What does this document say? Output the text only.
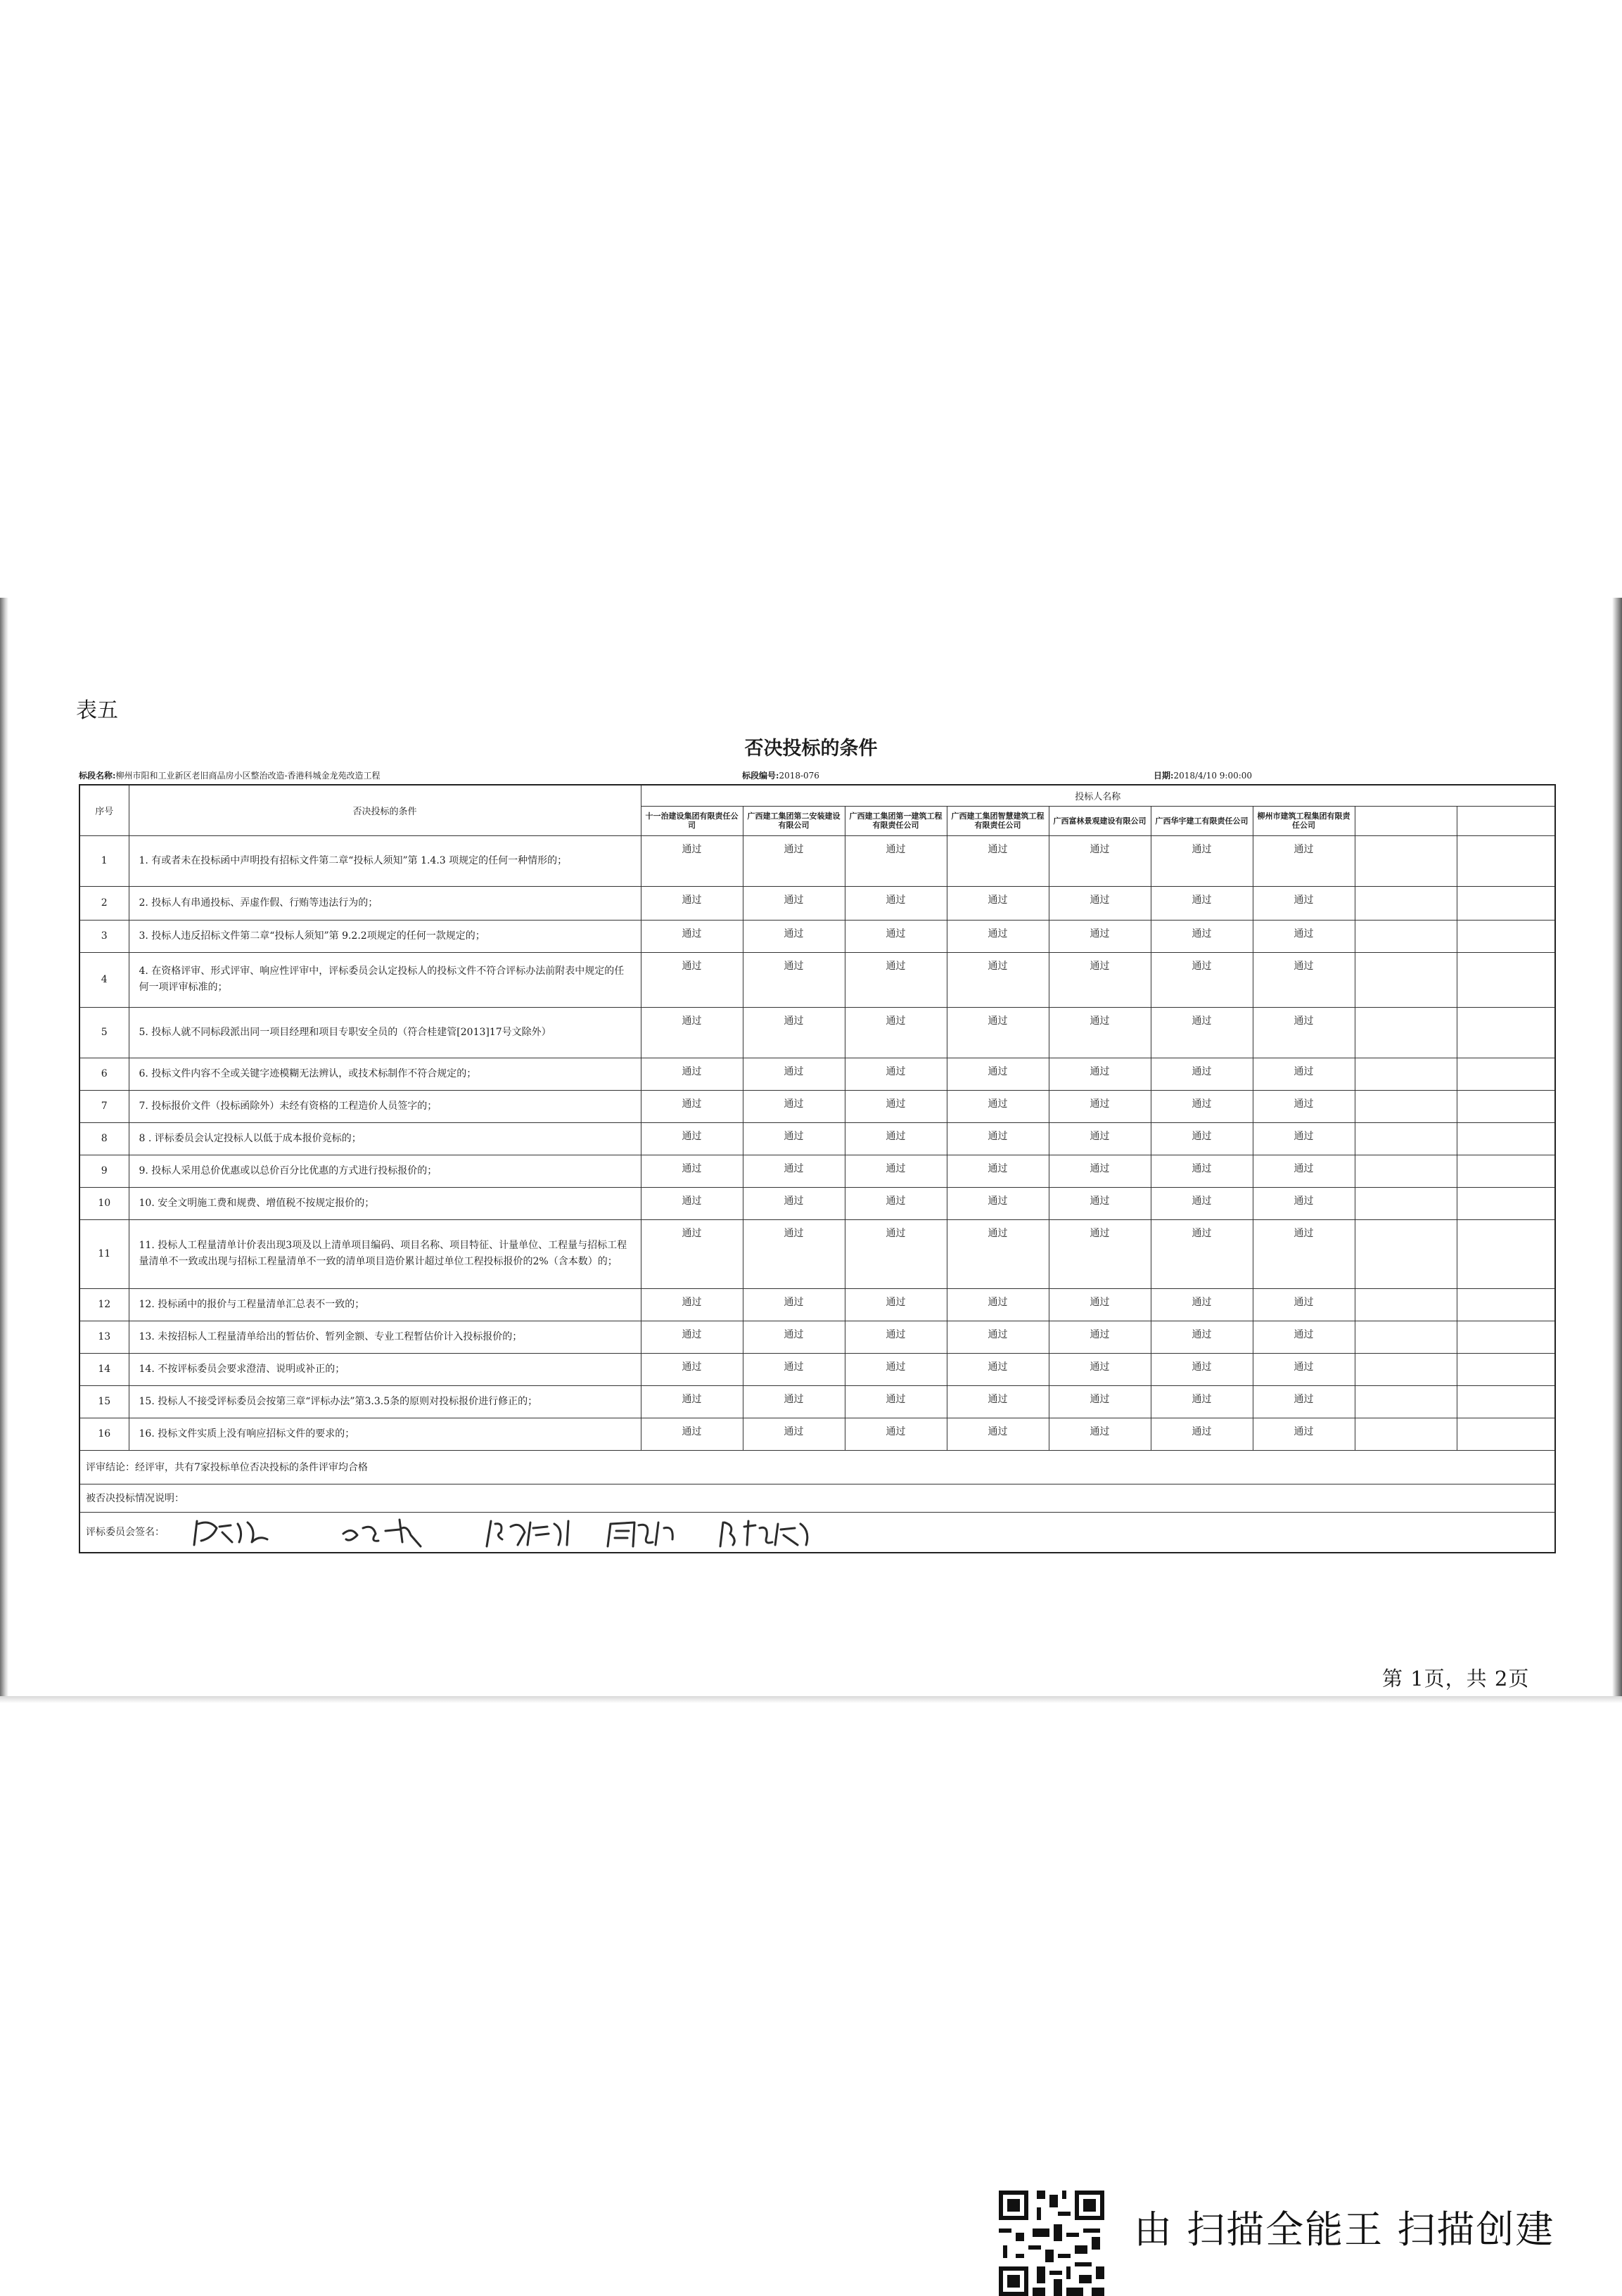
表五
否决投标的条件
标段名称:柳州市阳和工业新区老旧商品房小区整治改造-香港科城金龙苑改造工程	标段编号:2018-076	日期:2018/4/10 9:00:00
序号	否决投标的条件	投标人名称								
		十一治建设集团有限责任公司	广西建工集团第二安装建设有限公司	广西建工集团第一建筑工程有限责任公司	广西建工集团智慧建筑工程有限责任公司	广西富林景观建设有限公司	广西华宇建工有限责任公司	柳州市建筑工程集团有限责任公司		
1	1. 有或者未在投标函中声明投有招标文件第二章“投标人须知”第 1.4.3 项规定的任何一种情形的；	通过	通过	通过	通过	通过	通过	通过		
2	2. 投标人有串通投标、弄虚作假、行贿等违法行为的；	通过	通过	通过	通过	通过	通过	通过		
3	3. 投标人违反招标文件第二章“投标人须知”第 9.2.2项规定的任何一款规定的；	通过	通过	通过	通过	通过	通过	通过		
4	4. 在资格评审、形式评审、响应性评审中，评标委员会认定投标人的投标文件不符合评标办法前附表中规定的任何一项评审标准的；	通过	通过	通过	通过	通过	通过	通过		
5	5. 投标人就不同标段派出同一项目经理和项目专职安全员的（符合桂建管[2013]17号文除外）	通过	通过	通过	通过	通过	通过	通过		
6	6. 投标文件内容不全或关键字迹模糊无法辨认，或技术标制作不符合规定的；	通过	通过	通过	通过	通过	通过	通过		
7	7. 投标报价文件（投标函除外）未经有资格的工程造价人员签字的；	通过	通过	通过	通过	通过	通过	通过		
8	8 . 评标委员会认定投标人以低于成本报价竞标的；	通过	通过	通过	通过	通过	通过	通过		
9	9. 投标人采用总价优惠或以总价百分比优惠的方式进行投标报价的；	通过	通过	通过	通过	通过	通过	通过		
10	10. 安全文明施工费和规费、增值税不按规定报价的；	通过	通过	通过	通过	通过	通过	通过		
11	11. 投标人工程量清单计价表出现3项及以上清单项目编码、项目名称、项目特征、计量单位、工程量与招标工程量清单不一致或出现与招标工程量清单不一致的清单项目造价累计超过单位工程投标报价的2%（含本数）的；	通过	通过	通过	通过	通过	通过	通过		
12	12. 投标函中的报价与工程量清单汇总表不一致的；	通过	通过	通过	通过	通过	通过	通过		
13	13. 未按招标人工程量清单给出的暂估价、暂列金额、专业工程暂估价计入投标报价的；	通过	通过	通过	通过	通过	通过	通过		
14	14. 不按评标委员会要求澄清、说明或补正的；	通过	通过	通过	通过	通过	通过	通过		
15	15. 投标人不接受评标委员会按第三章“评标办法”第3.3.5条的原则对投标报价进行修正的；	通过	通过	通过	通过	通过	通过	通过		
16	16. 投标文件实质上没有响应招标文件的要求的；	通过	通过	通过	通过	通过	通过	通过		
评审结论：经评审，共有7家投标单位否决投标的条件评审均合格										
被否决投标情况说明：										
评标委员会签名：										
第 1页，共 2页
由 扫描全能王 扫描创建
